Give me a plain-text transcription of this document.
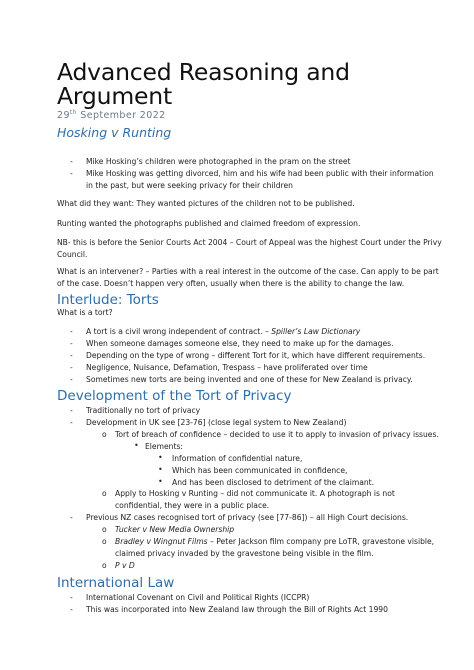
Advanced Reasoning and
Argument
29th September 2022
Hosking v Runting
- Mike Hosking’s children were photographed in the pram on the street
- Mike Hosking was getting divorced, him and his wife had been public with their information
in the past, but were seeking privacy for their children
What did they want: They wanted pictures of the children not to be published.
Runting wanted the photographs published and claimed freedom of expression.
NB- this is before the Senior Courts Act 2004 – Court of Appeal was the highest Court under the Privy
Council.
What is an intervener? – Parties with a real interest in the outcome of the case. Can apply to be part
of the case. Doesn’t happen very often, usually when there is the ability to change the law.
Interlude: Torts
What is a tort?
- A tort is a civil wrong independent of contract. – Spiller’s Law Dictionary
- When someone damages someone else, they need to make up for the damages.
- Depending on the type of wrong – different Tort for it, which have different requirements.
- Negligence, Nuisance, Defamation, Trespass – have proliferated over time
- Sometimes new torts are being invented and one of these for New Zealand is privacy.
Development of the Tort of Privacy
- Traditionally no tort of privacy
- Development in UK see [23-76] (close legal system to New Zealand)
o Tort of breach of confidence – decided to use it to apply to invasion of privacy issues.
• Elements:
• Information of confidential nature,
• Which has been communicated in confidence,
• And has been disclosed to detriment of the claimant.
o Apply to Hosking v Runting – did not communicate it. A photograph is not
confidential, they were in a public place.
- Previous NZ cases recognised tort of privacy (see [77-86]) – all High Court decisions.
o Tucker v New Media Ownership
o Bradley v Wingnut Films – Peter Jackson film company pre LoTR, gravestone visible,
claimed privacy invaded by the gravestone being visible in the film.
o P v D
International Law
- International Covenant on Civil and Political Rights (ICCPR)
- This was incorporated into New Zealand law through the Bill of Rights Act 1990
